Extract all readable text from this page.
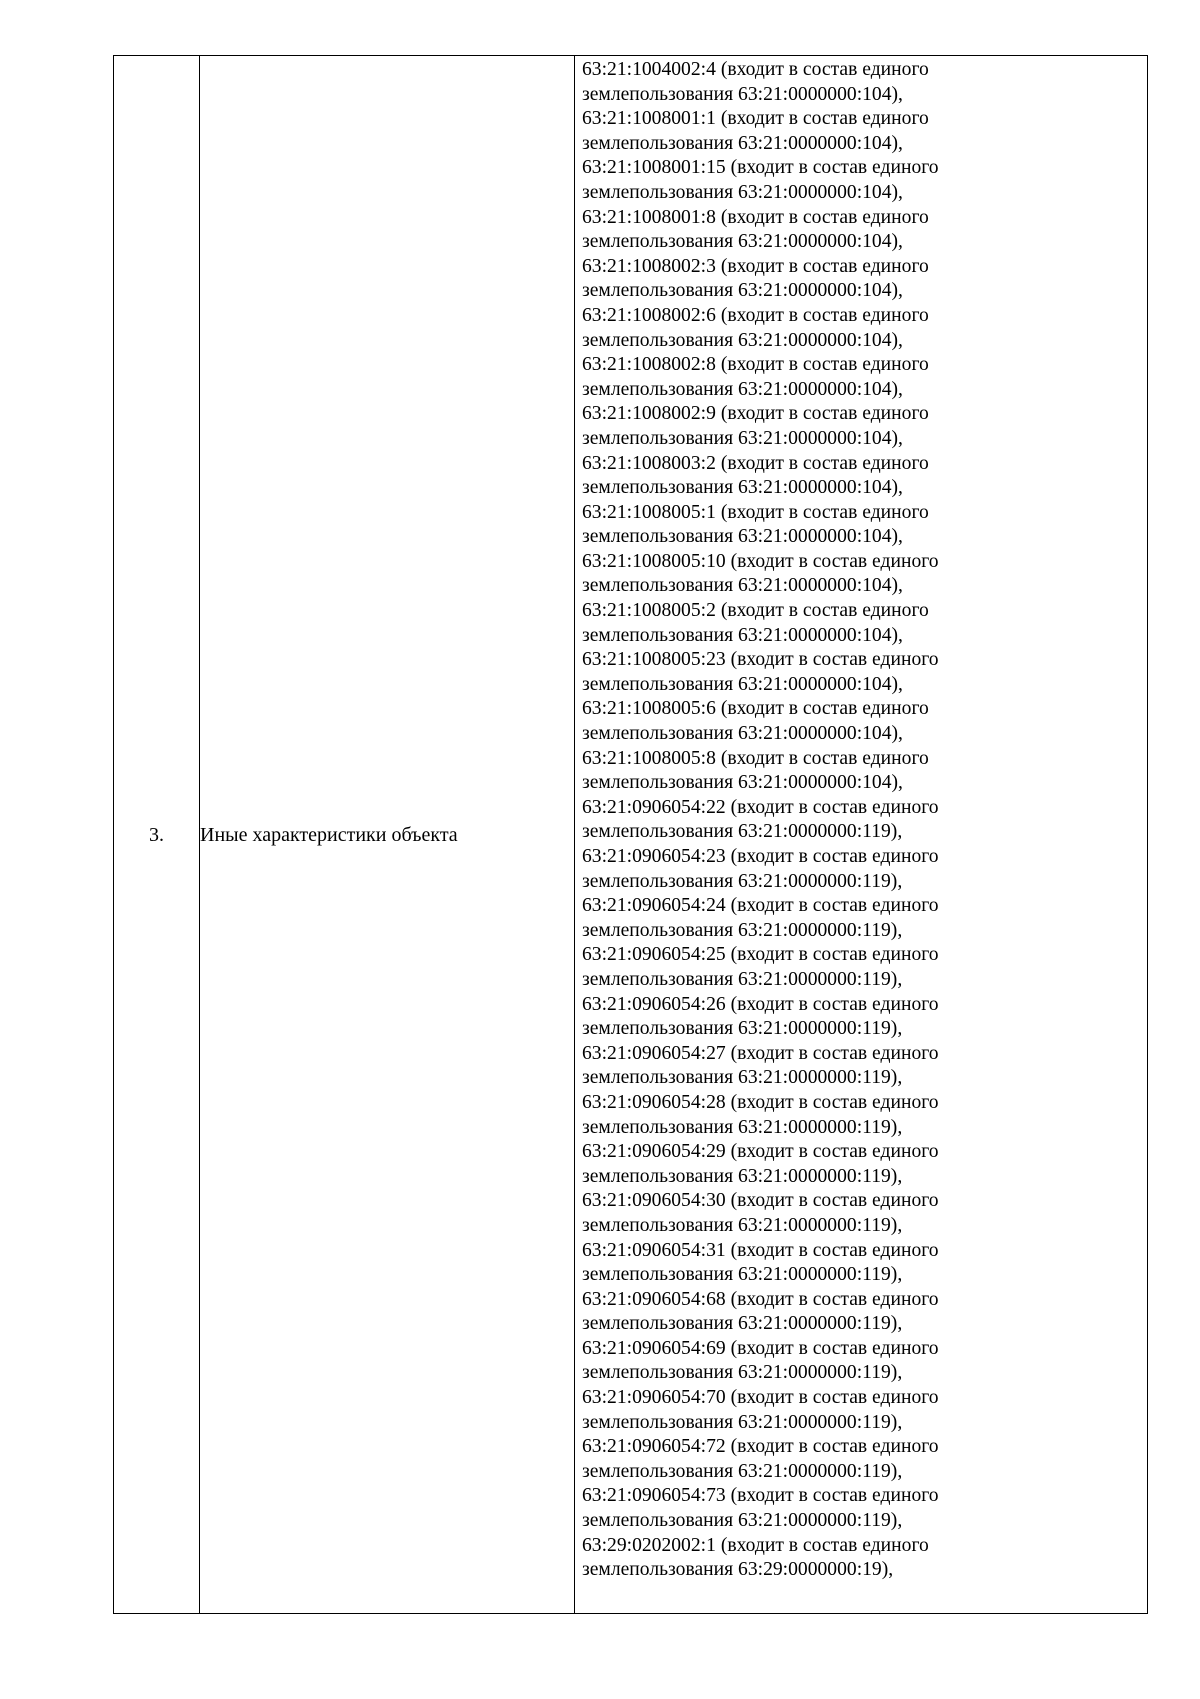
3.	Иные характеристики объекта	
63:21:1004002:4 (входит в состав единого
землепользования 63:21:0000000:104),
63:21:1008001:1 (входит в состав единого
землепользования 63:21:0000000:104),
63:21:1008001:15 (входит в состав единого
землепользования 63:21:0000000:104),
63:21:1008001:8 (входит в состав единого
землепользования 63:21:0000000:104),
63:21:1008002:3 (входит в состав единого
землепользования 63:21:0000000:104),
63:21:1008002:6 (входит в состав единого
землепользования 63:21:0000000:104),
63:21:1008002:8 (входит в состав единого
землепользования 63:21:0000000:104),
63:21:1008002:9 (входит в состав единого
землепользования 63:21:0000000:104),
63:21:1008003:2 (входит в состав единого
землепользования 63:21:0000000:104),
63:21:1008005:1 (входит в состав единого
землепользования 63:21:0000000:104),
63:21:1008005:10 (входит в состав единого
землепользования 63:21:0000000:104),
63:21:1008005:2 (входит в состав единого
землепользования 63:21:0000000:104),
63:21:1008005:23 (входит в состав единого
землепользования 63:21:0000000:104),
63:21:1008005:6 (входит в состав единого
землепользования 63:21:0000000:104),
63:21:1008005:8 (входит в состав единого
землепользования 63:21:0000000:104),
63:21:0906054:22 (входит в состав единого
землепользования 63:21:0000000:119),
63:21:0906054:23 (входит в состав единого
землепользования 63:21:0000000:119),
63:21:0906054:24 (входит в состав единого
землепользования 63:21:0000000:119),
63:21:0906054:25 (входит в состав единого
землепользования 63:21:0000000:119),
63:21:0906054:26 (входит в состав единого
землепользования 63:21:0000000:119),
63:21:0906054:27 (входит в состав единого
землепользования 63:21:0000000:119),
63:21:0906054:28 (входит в состав единого
землепользования 63:21:0000000:119),
63:21:0906054:29 (входит в состав единого
землепользования 63:21:0000000:119),
63:21:0906054:30 (входит в состав единого
землепользования 63:21:0000000:119),
63:21:0906054:31 (входит в состав единого
землепользования 63:21:0000000:119),
63:21:0906054:68 (входит в состав единого
землепользования 63:21:0000000:119),
63:21:0906054:69 (входит в состав единого
землепользования 63:21:0000000:119),
63:21:0906054:70 (входит в состав единого
землепользования 63:21:0000000:119),
63:21:0906054:72 (входит в состав единого
землепользования 63:21:0000000:119),
63:21:0906054:73 (входит в состав единого
землепользования 63:21:0000000:119),
63:29:0202002:1 (входит в состав единого
землепользования 63:29:0000000:19),
